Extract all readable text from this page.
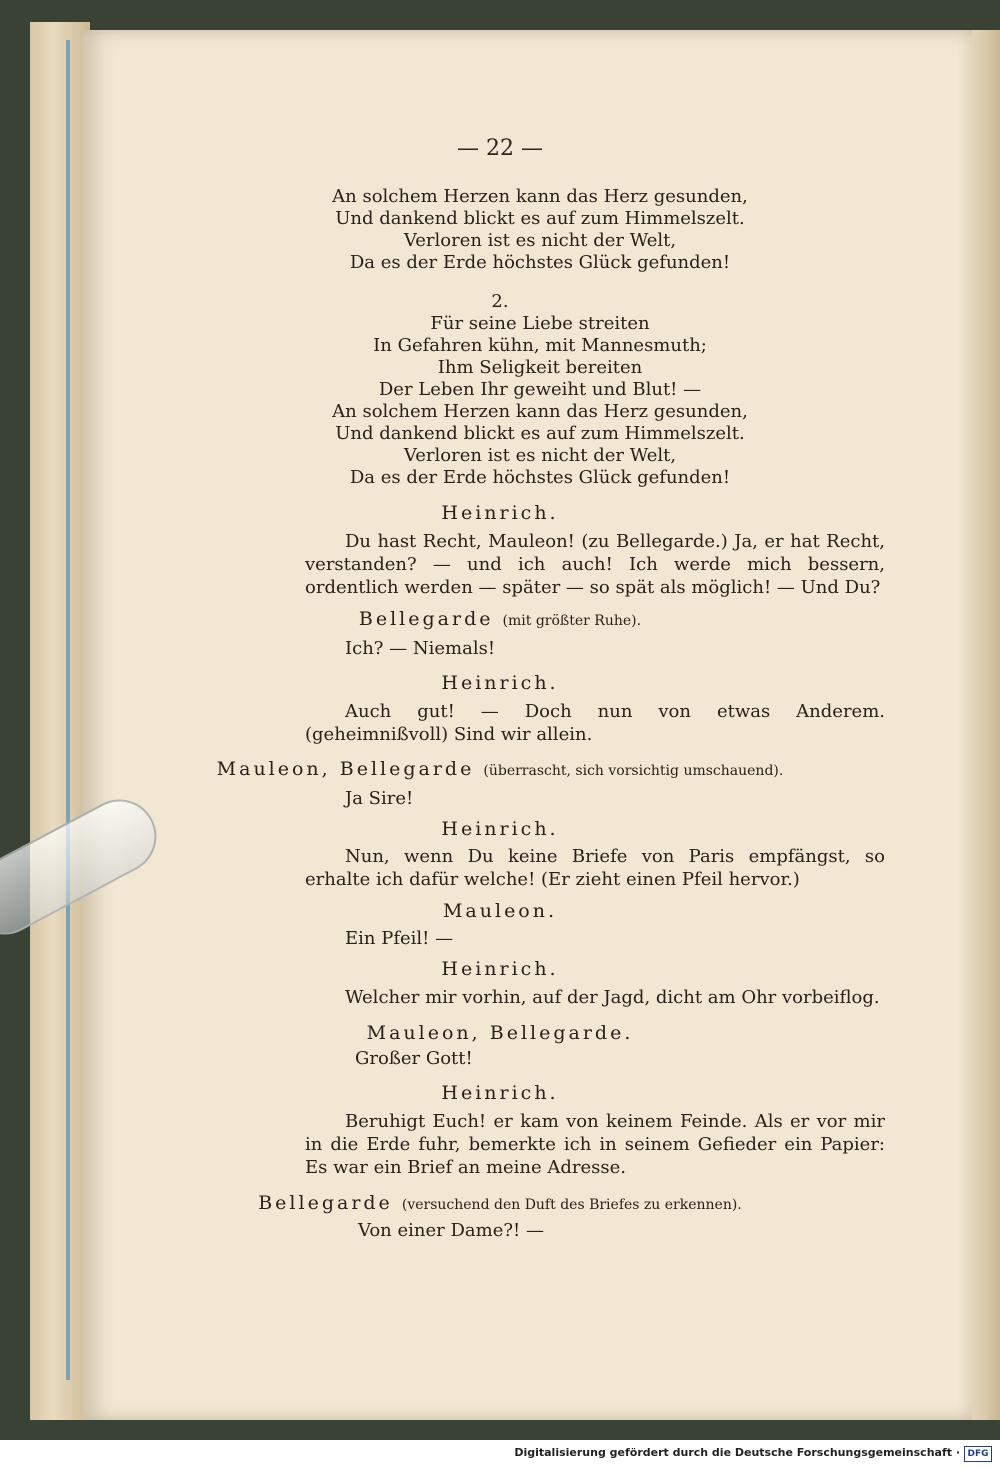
— 22 —
An solchem Herzen kann das Herz gesunden,
Und dankend blickt es auf zum Himmelszelt.
Verloren ist es nicht der Welt,
Da es der Erde höchstes Glück gefunden!
2.
Für seine Liebe streiten
In Gefahren kühn, mit Mannesmuth;
Ihm Seligkeit bereiten
Der Leben Ihr geweiht und Blut! —
An solchem Herzen kann das Herz gesunden,
Und dankend blickt es auf zum Himmelszelt.
Verloren ist es nicht der Welt,
Da es der Erde höchstes Glück gefunden!
Heinrich.
Du hast Recht, Mauleon! (zu Bellegarde.) Ja, er hat Recht, verstanden? — und ich auch! Ich werde mich bessern, ordentlich werden — später — so spät als möglich! — Und Du?
Bellegarde (mit größter Ruhe).
Ich? — Niemals!
Heinrich.
Auch gut! — Doch nun von etwas Anderem. (geheimnißvoll) Sind wir allein.
Mauleon, Bellegarde (überrascht, sich vorsichtig umschauend).
Ja Sire!
Heinrich.
Nun, wenn Du keine Briefe von Paris empfängst, so erhalte ich dafür welche! (Er zieht einen Pfeil hervor.)
Mauleon.
Ein Pfeil! —
Heinrich.
Welcher mir vorhin, auf der Jagd, dicht am Ohr vorbeiflog.
Mauleon, Bellegarde.
Großer Gott!
Heinrich.
Beruhigt Euch! er kam von keinem Feinde. Als er vor mir in die Erde fuhr, bemerkte ich in seinem Gefieder ein Papier: Es war ein Brief an meine Adresse.
Bellegarde (versuchend den Duft des Briefes zu erkennen).
Von einer Dame?! —
Digitalisierung gefördert durch die Deutsche Forschungsgemeinschaft · DFG
